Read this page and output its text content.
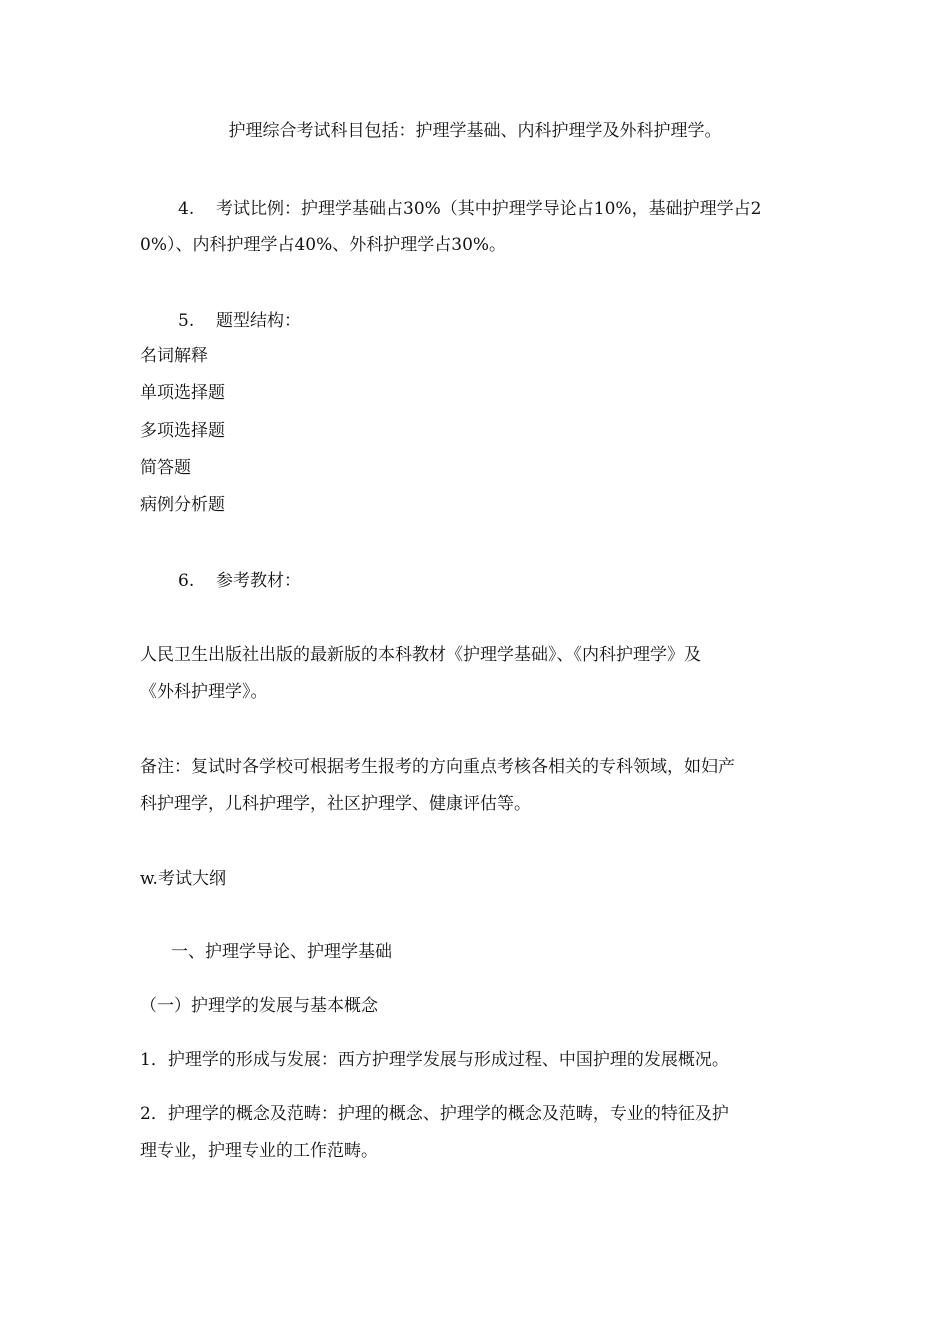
护理综合考试科目包括：护理学基础、内科护理学及外科护理学。

4. 考试比例：护理学基础占30%（其中护理学导论占10%，基础护理学占2

0%）、内科护理学占40%、外科护理学占30%。

5. 题型结构：

名词解释

单项选择题

多项选择题

简答题

病例分析题

6. 参考教材：

人民卫生出版社出版的最新版的本科教材《护理学基础》、《内科护理学》及

《外科护理学》。

备注：复试时各学校可根据考生报考的方向重点考核各相关的专科领域，如妇产

科护理学，儿科护理学，社区护理学、健康评估等。

w.考试大纲

一、护理学导论、护理学基础

（一）护理学的发展与基本概念

1．护理学的形成与发展：西方护理学发展与形成过程、中国护理的发展概况。

2．护理学的概念及范畴：护理的概念、护理学的概念及范畴，专业的特征及护

理专业，护理专业的工作范畴。
